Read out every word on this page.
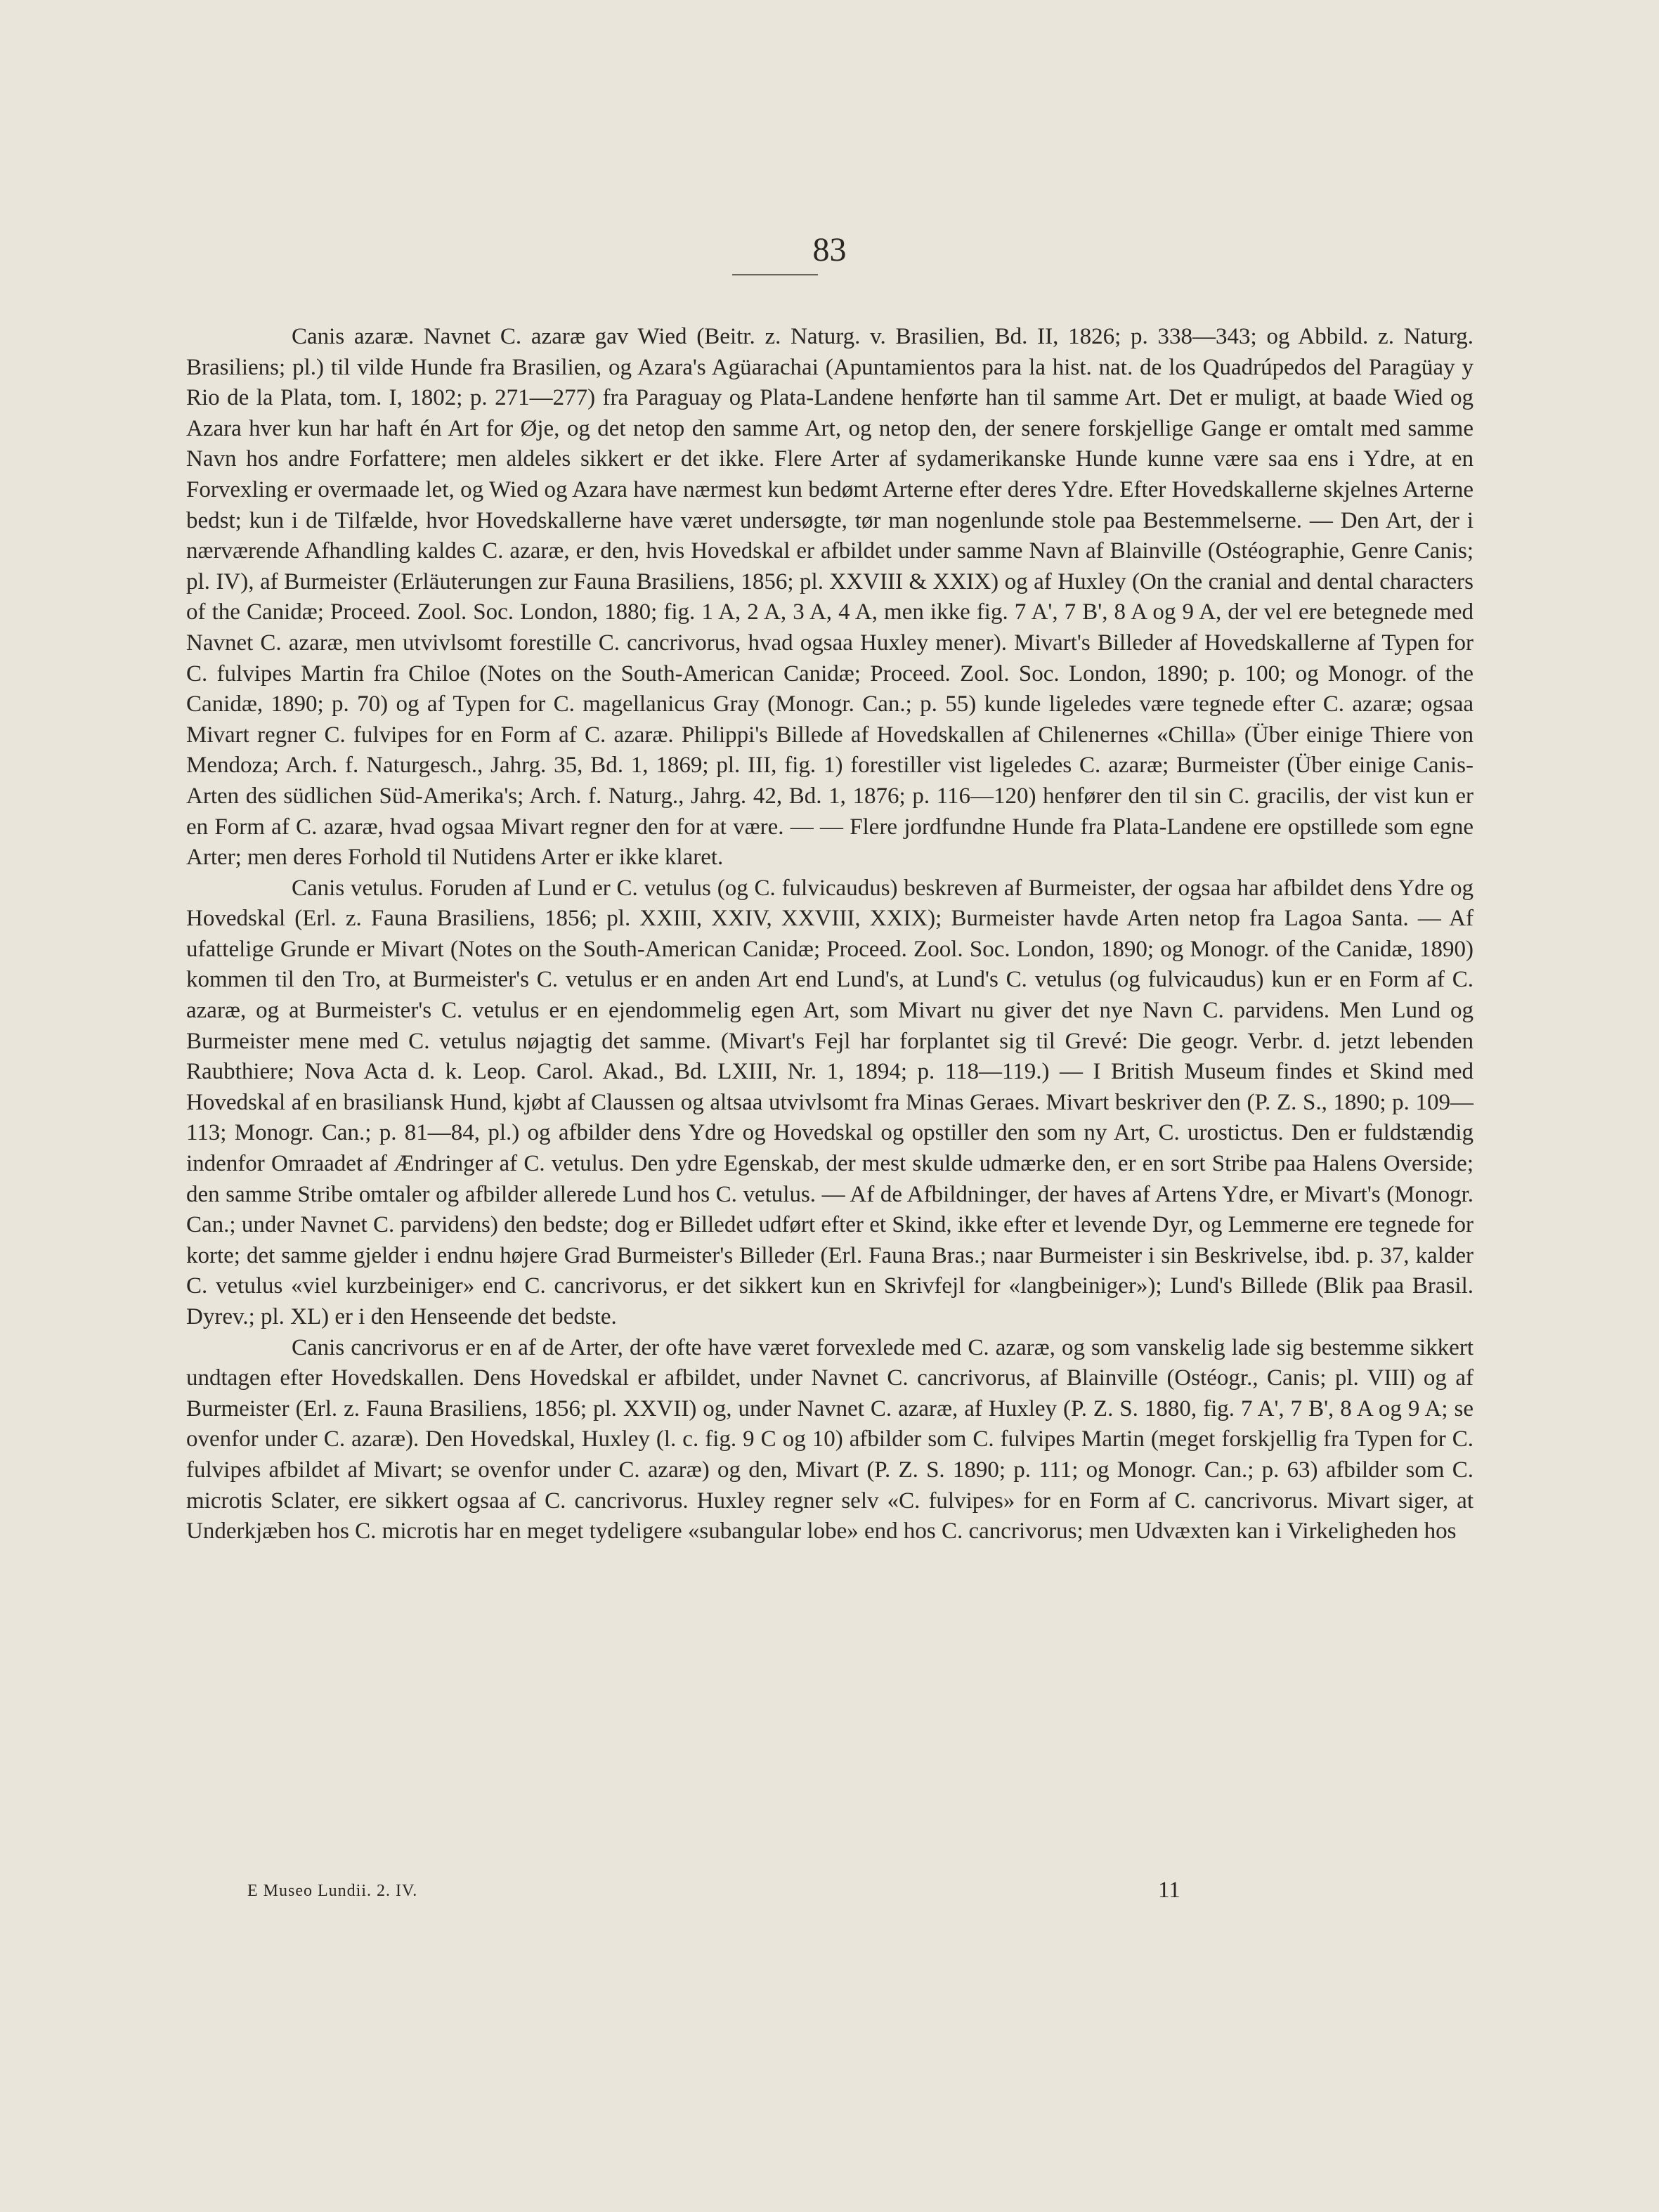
83

Canis azaræ. Navnet C. azaræ gav Wied (Beitr. z. Naturg. v. Brasilien, Bd. II, 1826; p. 338—343; og Abbild. z. Naturg. Brasiliens; pl.) til vilde Hunde fra Brasilien, og Azara's Agüarachai (Apuntamientos para la hist. nat. de los Quadrúpedos del Paragüay y Rio de la Plata, tom. I, 1802; p. 271—277) fra Paraguay og Plata-Landene henførte han til samme Art. Det er muligt, at baade Wied og Azara hver kun har haft én Art for Øje, og det netop den samme Art, og netop den, der senere forskjellige Gange er omtalt med samme Navn hos andre Forfattere; men aldeles sikkert er det ikke. Flere Arter af sydamerikanske Hunde kunne være saa ens i Ydre, at en Forvexling er overmaade let, og Wied og Azara have nærmest kun bedømt Arterne efter deres Ydre. Efter Hovedskallerne skjelnes Arterne bedst; kun i de Tilfælde, hvor Hovedskallerne have været undersøgte, tør man nogenlunde stole paa Bestemmelserne. — Den Art, der i nærværende Afhandling kaldes C. azaræ, er den, hvis Hovedskal er afbildet under samme Navn af Blainville (Ostéographie, Genre Canis; pl. IV), af Burmeister (Erläuterungen zur Fauna Brasiliens, 1856; pl. XXVIII & XXIX) og af Huxley (On the cranial and dental characters of the Canidæ; Proceed. Zool. Soc. London, 1880; fig. 1 A, 2 A, 3 A, 4 A, men ikke fig. 7 A', 7 B', 8 A og 9 A, der vel ere betegnede med Navnet C. azaræ, men utvivlsomt forestille C. cancrivorus, hvad ogsaa Huxley mener). Mivart's Billeder af Hovedskallerne af Typen for C. fulvipes Martin fra Chiloe (Notes on the South-American Canidæ; Proceed. Zool. Soc. London, 1890; p. 100; og Monogr. of the Canidæ, 1890; p. 70) og af Typen for C. magellanicus Gray (Monogr. Can.; p. 55) kunde ligeledes være tegnede efter C. azaræ; ogsaa Mivart regner C. fulvipes for en Form af C. azaræ. Philippi's Billede af Hovedskallen af Chilenernes «Chilla» (Über einige Thiere von Mendoza; Arch. f. Naturgesch., Jahrg. 35, Bd. 1, 1869; pl. III, fig. 1) forestiller vist ligeledes C. azaræ; Burmeister (Über einige Canis-Arten des südlichen Süd-Amerika's; Arch. f. Naturg., Jahrg. 42, Bd. 1, 1876; p. 116—120) henfører den til sin C. gracilis, der vist kun er en Form af C. azaræ, hvad ogsaa Mivart regner den for at være. — — Flere jordfundne Hunde fra Plata-Landene ere opstillede som egne Arter; men deres Forhold til Nutidens Arter er ikke klaret.

Canis vetulus. Foruden af Lund er C. vetulus (og C. fulvicaudus) beskreven af Burmeister, der ogsaa har afbildet dens Ydre og Hovedskal (Erl. z. Fauna Brasiliens, 1856; pl. XXIII, XXIV, XXVIII, XXIX); Burmeister havde Arten netop fra Lagoa Santa. — Af ufattelige Grunde er Mivart (Notes on the South-American Canidæ; Proceed. Zool. Soc. London, 1890; og Monogr. of the Canidæ, 1890) kommen til den Tro, at Burmeister's C. vetulus er en anden Art end Lund's, at Lund's C. vetulus (og fulvicaudus) kun er en Form af C. azaræ, og at Burmeister's C. vetulus er en ejendommelig egen Art, som Mivart nu giver det nye Navn C. parvidens. Men Lund og Burmeister mene med C. vetulus nøjagtig det samme. (Mivart's Fejl har forplantet sig til Grevé: Die geogr. Verbr. d. jetzt lebenden Raubthiere; Nova Acta d. k. Leop. Carol. Akad., Bd. LXIII, Nr. 1, 1894; p. 118—119.) — I British Museum findes et Skind med Hovedskal af en brasiliansk Hund, kjøbt af Claussen og altsaa utvivlsomt fra Minas Geraes. Mivart beskriver den (P. Z. S., 1890; p. 109—113; Monogr. Can.; p. 81—84, pl.) og afbilder dens Ydre og Hovedskal og opstiller den som ny Art, C. urostictus. Den er fuldstændig indenfor Omraadet af Ændringer af C. vetulus. Den ydre Egenskab, der mest skulde udmærke den, er en sort Stribe paa Halens Overside; den samme Stribe omtaler og afbilder allerede Lund hos C. vetulus. — Af de Afbildninger, der haves af Artens Ydre, er Mivart's (Monogr. Can.; under Navnet C. parvidens) den bedste; dog er Billedet udført efter et Skind, ikke efter et levende Dyr, og Lemmerne ere tegnede for korte; det samme gjelder i endnu højere Grad Burmeister's Billeder (Erl. Fauna Bras.; naar Burmeister i sin Beskrivelse, ibd. p. 37, kalder C. vetulus «viel kurzbeiniger» end C. cancrivorus, er det sikkert kun en Skrivfejl for «langbeiniger»); Lund's Billede (Blik paa Brasil. Dyrev.; pl. XL) er i den Henseende det bedste.

Canis cancrivorus er en af de Arter, der ofte have været forvexlede med C. azaræ, og som vanskelig lade sig bestemme sikkert undtagen efter Hovedskallen. Dens Hovedskal er afbildet, under Navnet C. cancrivorus, af Blainville (Ostéogr., Canis; pl. VIII) og af Burmeister (Erl. z. Fauna Brasiliens, 1856; pl. XXVII) og, under Navnet C. azaræ, af Huxley (P. Z. S. 1880, fig. 7 A', 7 B', 8 A og 9 A; se ovenfor under C. azaræ). Den Hovedskal, Huxley (l. c. fig. 9 C og 10) afbilder som C. fulvipes Martin (meget forskjellig fra Typen for C. fulvipes afbildet af Mivart; se ovenfor under C. azaræ) og den, Mivart (P. Z. S. 1890; p. 111; og Monogr. Can.; p. 63) afbilder som C. microtis Sclater, ere sikkert ogsaa af C. cancrivorus. Huxley regner selv «C. fulvipes» for en Form af C. cancrivorus. Mivart siger, at Underkjæben hos C. microtis har en meget tydeligere «subangular lobe» end hos C. cancrivorus; men Udvæxten kan i Virkeligheden hos

E Museo Lundii. 2. IV.	11
